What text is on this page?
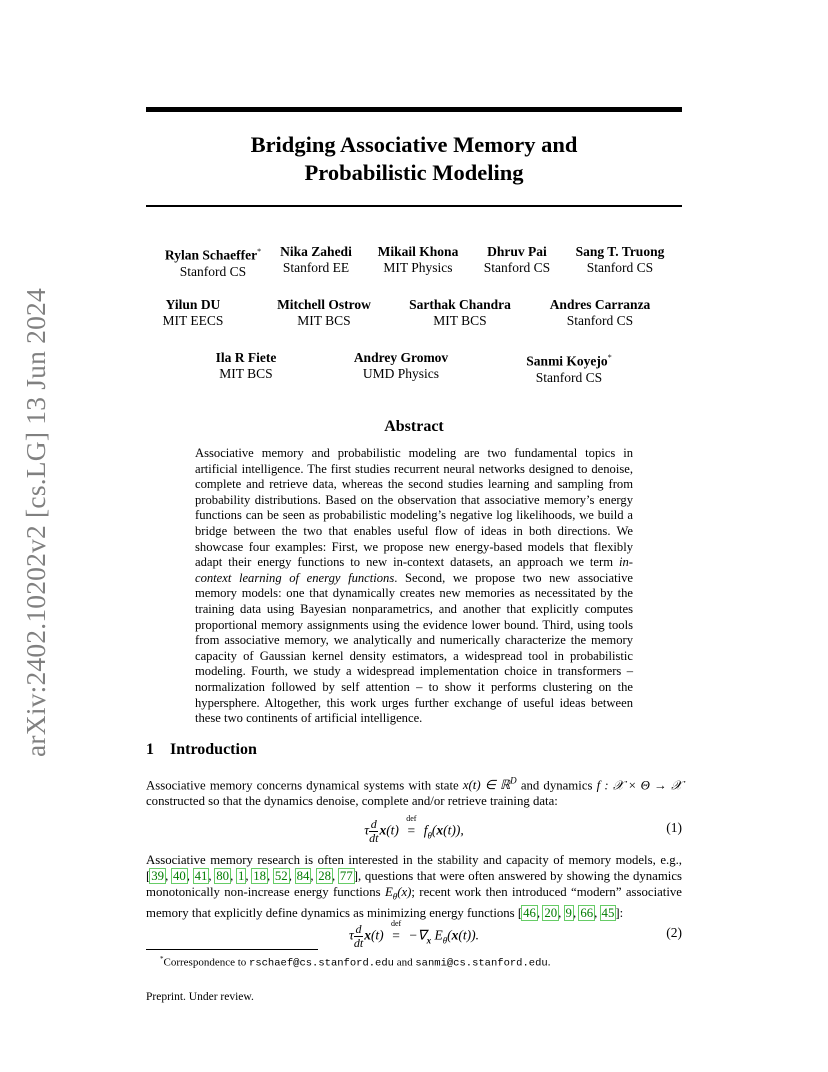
arXiv:2402.10202v2 [cs.LG] 13 Jun 2024
Bridging Associative Memory and
Probabilistic Modeling
Rylan Schaeffer*
Stanford CS
Nika Zahedi
Stanford EE
Mikail Khona
MIT Physics
Dhruv Pai
Stanford CS
Sang T. Truong
Stanford CS
Yilun DU
MIT EECS
Mitchell Ostrow
MIT BCS
Sarthak Chandra
MIT BCS
Andres Carranza
Stanford CS
Ila R Fiete
MIT BCS
Andrey Gromov
UMD Physics
Sanmi Koyejo*
Stanford CS
Abstract
Associative memory and probabilistic modeling are two fundamental topics in artificial intelligence. The first studies recurrent neural networks designed to denoise, complete and retrieve data, whereas the second studies learning and sampling from probability distributions. Based on the observation that associative memory’s energy functions can be seen as probabilistic modeling’s negative log likelihoods, we build a bridge between the two that enables useful flow of ideas in both directions. We showcase four examples: First, we propose new energy-based models that flexibly adapt their energy functions to new in-context datasets, an approach we term in-context learning of energy functions. Second, we propose two new associative memory models: one that dynamically creates new memories as necessitated by the training data using Bayesian nonparametrics, and another that explicitly computes proportional memory assignments using the evidence lower bound. Third, using tools from associative memory, we analytically and numerically characterize the memory capacity of Gaussian kernel density estimators, a widespread tool in probabilistic modeling. Fourth, we study a widespread implementation choice in transformers – normalization followed by self attention – to show it performs clustering on the hypersphere. Altogether, this work urges further exchange of useful ideas between these two continents of artificial intelligence.
1 Introduction
Associative memory concerns dynamical systems with state x(t) ∈ ℝ$^D$ and dynamics f : 𝒳 × Θ → 𝒳 constructed so that the dynamics denoise, complete and/or retrieve training data:
τ $\frac{d}{dt} x(t)$
def
= $f_\theta(x(t))$,	(1)
Associative memory research is often interested in the stability and capacity of memory models, e.g., [39, 40, 41, 80, 1, 18, 52, 84, 28, 77], questions that were often answered by showing the dynamics monotonically non-increase energy functions $E_\theta(x)$; recent work then introduced “modern” associative memory that explicitly define dynamics as minimizing energy functions [46, 20, 9, 66, 45]:
τ $\frac{d}{dt} x(t)$
def
= $-\nabla_x$ $E_\theta(x(t))$.	(2)
*Correspondence to rschaef@cs.stanford.edu and sanmi@cs.stanford.edu.
Preprint. Under review.
